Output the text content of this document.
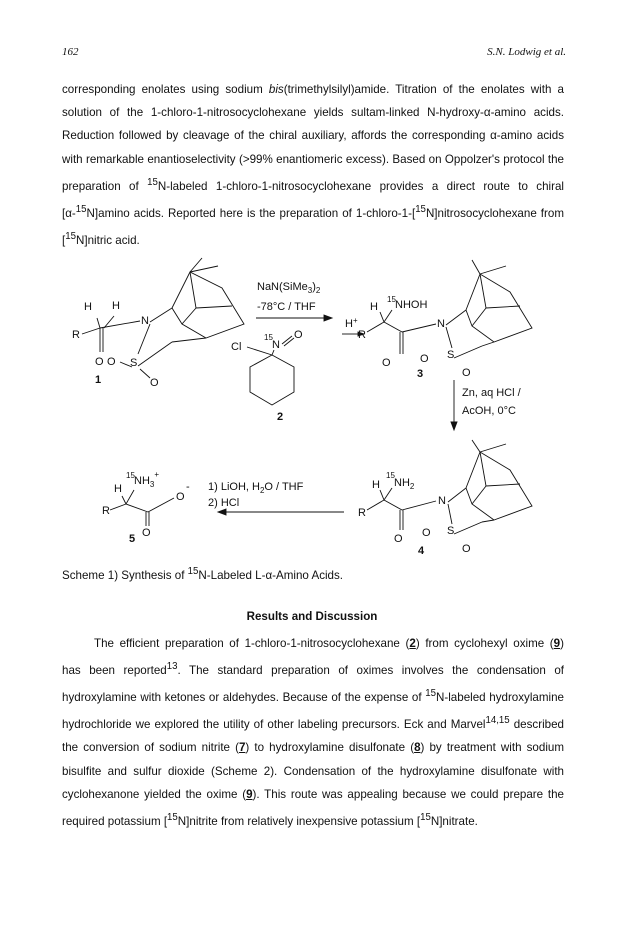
162	S.N. Lodwig et al.

corresponding enolates using sodium bis(trimethylsilyl)amide. Titration of the enolates with a solution of the 1-chloro-1-nitrosocyclohexane yields sultam-linked N-hydroxy-α-amino acids. Reduction followed by cleavage of the chiral auxiliary, affords the corresponding α-amino acids with remarkable enantioselectivity (>99% enantiomeric excess). Based on Oppolzer's protocol the preparation of $^{15}$N-labeled 1-chloro-1-nitrosocyclohexane provides a direct route to chiral [α-$^{15}$N]amino acids. Reported here is the preparation of 1-chloro-1-[$^{15}$N]nitrosocyclohexane from [$^{15}$N]nitric acid.

H H
R
N
S
O
O
O
1
$NaN(SiMe_3)_2$
-78°C / THF
H+
Cl
15
N
O
2
H
15 NHOH
R
N
S
O
O
O
3
Zn, aq HCl /
AcOH, 0°C
H
15
$NH_2$
R
N
S
O
O
O
4
1) LiOH, $H_2O$ / THF
2) HCl
H
15 $NH_3^+$
R
O
-
O
5
Scheme 1) Synthesis of $^{15}$N-Labeled L-α-Amino Acids.
Results and Discussion

The efficient preparation of 1-chloro-1-nitrosocyclohexane (2) from cyclohexyl oxime (9) has been reported$^{13}$. The standard preparation of oximes involves the condensation of hydroxylamine with ketones or aldehydes. Because of the expense of $^{15}$N-labeled hydroxylamine hydrochloride we explored the utility of other labeling precursors. Eck and Marvel$^{14,15}$ described the conversion of sodium nitrite (7) to hydroxylamine disulfonate (8) by treatment with sodium bisulfite and sulfur dioxide (Scheme 2). Condensation of the hydroxylamine disulfonate with cyclohexanone yielded the oxime (9). This route was appealing because we could prepare the required potassium [$^{15}$N]nitrite from relatively inexpensive potassium [$^{15}$N]nitrate.
